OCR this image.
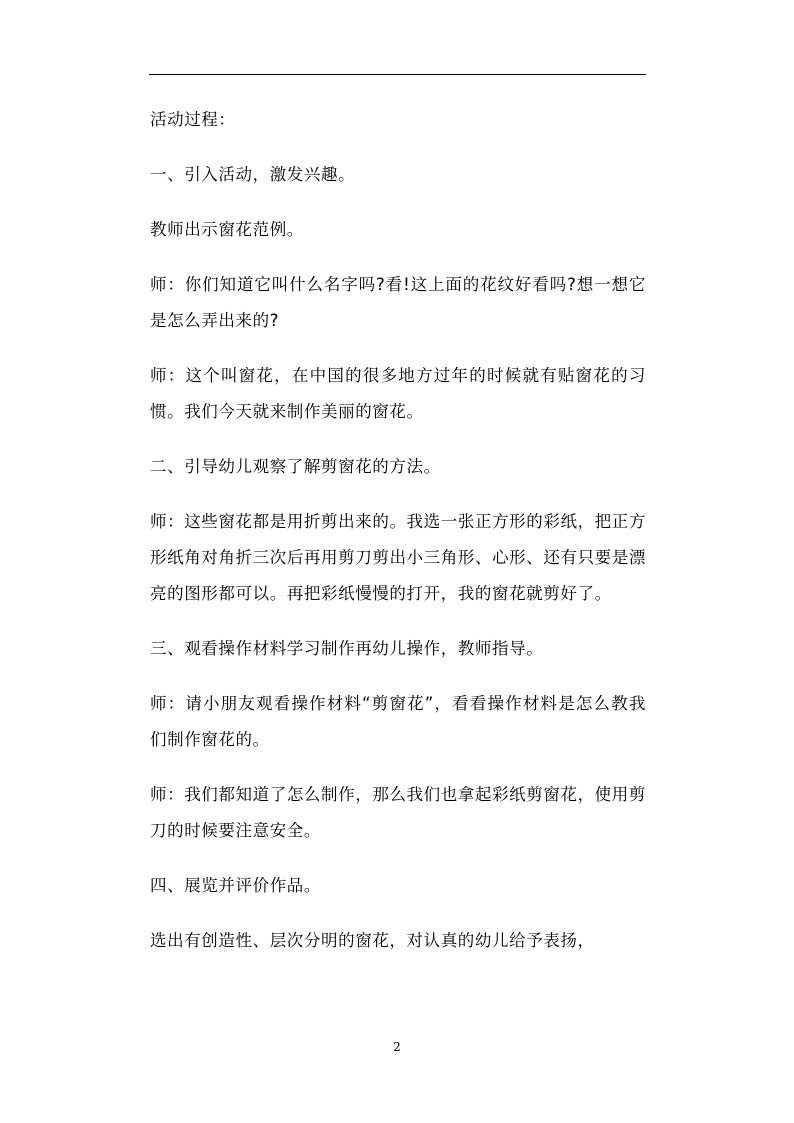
活动过程：

一、引入活动，激发兴趣。

教师出示窗花范例。

师：你们知道它叫什么名字吗?看!这上面的花纹好看吗?想一想它是怎么弄出来的?

师：这个叫窗花，在中国的很多地方过年的时候就有贴窗花的习惯。我们今天就来制作美丽的窗花。

二、引导幼儿观察了解剪窗花的方法。

师：这些窗花都是用折剪出来的。我选一张正方形的彩纸，把正方形纸角对角折三次后再用剪刀剪出小三角形、心形、还有只要是漂亮的图形都可以。再把彩纸慢慢的打开，我的窗花就剪好了。

三、观看操作材料学习制作再幼儿操作，教师指导。

师：请小朋友观看操作材料“剪窗花”，看看操作材料是怎么教我们制作窗花的。

师：我们都知道了怎么制作，那么我们也拿起彩纸剪窗花，使用剪刀的时候要注意安全。

四、展览并评价作品。

选出有创造性、层次分明的窗花，对认真的幼儿给予表扬，

2
